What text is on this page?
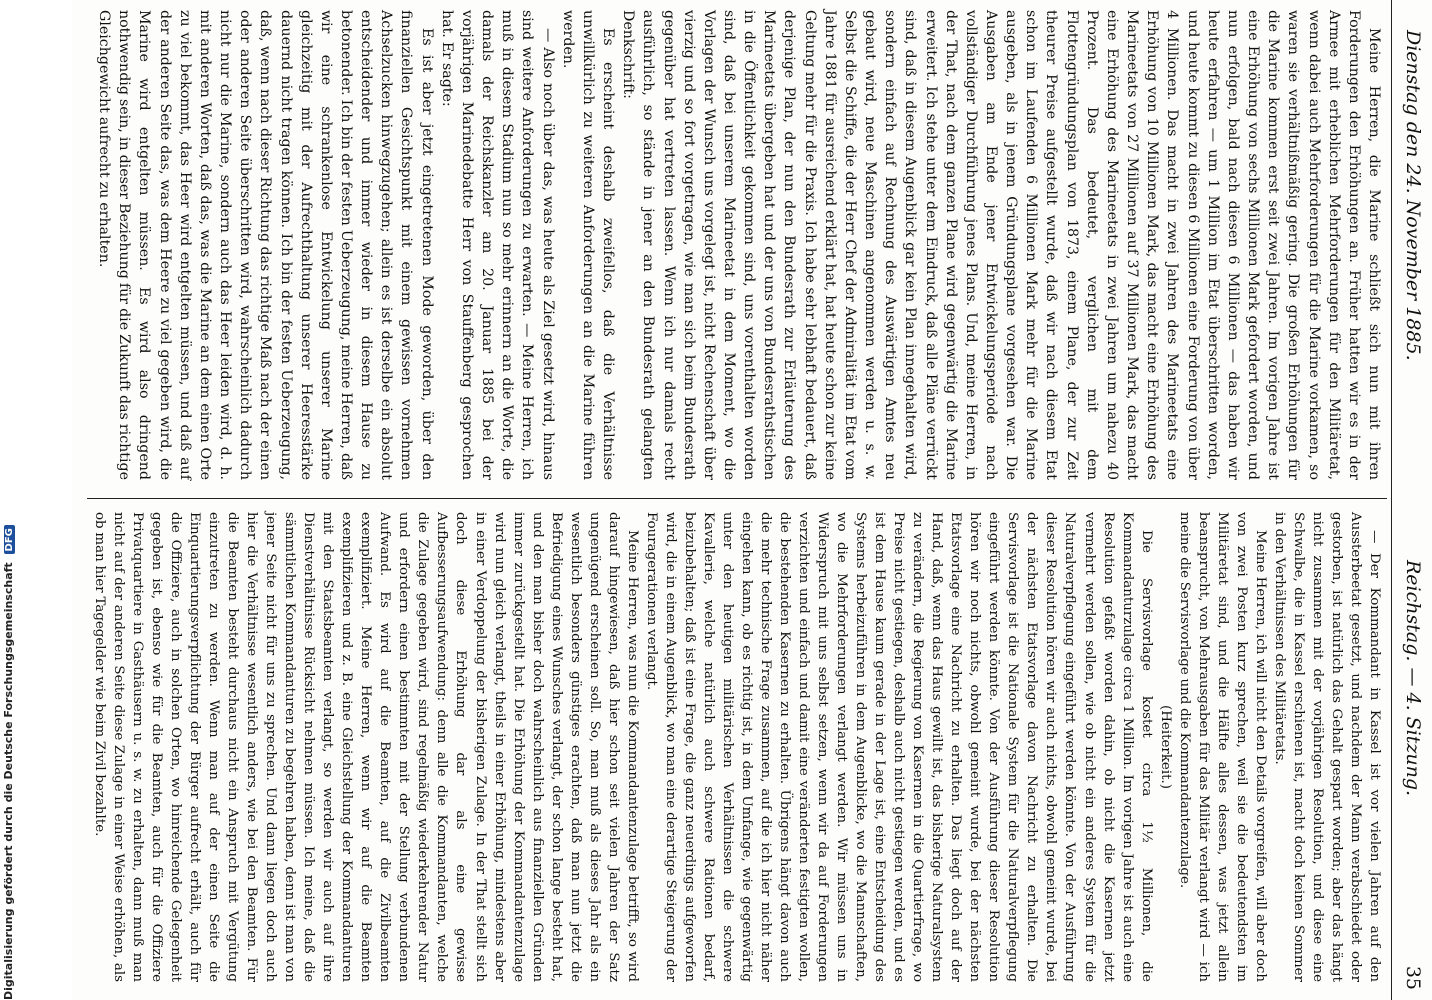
Dienstag den 24. November 1885.
Reichstag. — 4. Sitzung.
35

Meine Herren, die Marine schließt sich nun mit ihren Forderungen den Erhöhungen an. Früher hatten wir es in der Armee mit erheblichen Mehrforderungen für den Militäretat, wenn dabei auch Mehrforderungen für die Marine vorkamen, so waren sie verhältnißmäßig gering. Die großen Erhöhungen für die Marine kommen erst seit zwei Jahren. Im vorigen Jahre ist eine Erhöhung von sechs Millionen Mark gefordert worden, und nun erfolgen, bald nach diesen 6 Millionen — das haben wir heute erfahren — um 1 Million im Etat überschritten worden, und heute kommt zu diesen 6 Millionen eine Forderung von über 4 Millionen. Das macht in zwei Jahren des Marineetats eine Erhöhung von 10 Millionen Mark, das macht eine Erhöhung des Marineetats von 27 Millionen auf 37 Millionen Mark, das macht eine Erhöhung des Marineetats in zwei Jahren um nahezu 40 Prozent. Das bedeutet, verglichen mit dem Flottengründungsplan von 1873, einem Plane, der zur Zeit theurer Preise aufgestellt wurde, daß wir nach diesem Etat schon im Laufenden 6 Millionen Mark mehr für die Marine ausgeben, als in jenem Gründungsplane vorgesehen war. Die Ausgaben am Ende jener Entwickelungsperiode nach vollständiger Durchführung jenes Plans. Und, meine Herren, in der That, nach dem ganzen Plane wird gegenwärtig die Marine erweitert. Ich stehe unter dem Eindruck, daß alle Pläne verrückt sind, daß in diesem Augenblick gar kein Plan innegehalten wird, sondern einfach auf Rechnung des Auswärtigen Amtes neu gebaut wird, neue Maschinen angenommen werden u. s. w. Selbst die Schiffe, die der Herr Chef der Admiralität im Etat vom Jahre 1881 für ausreichend erklärt hat, hat heute schon zur keine Geltung mehr für die Praxis. Ich habe sehr lebhaft bedauert, daß derjenige Plan, der nun den Bundesrath zur Erläuterung des Marineetats übergeben hat und der uns von Bundesrathstischen in die Öffentlichkeit gekommen sind, uns vorenthalten worden sind, daß bei unserem Marineetat in dem Moment, wo die Vorlagen der Wunsch uns vorgelegt ist, nicht Rechenschaft über vierzig und so fort vorgetragen, wie man sich beim Bundesrath gegenüber hat vertreten lassen. Wenn ich nur damals recht ausführlich, so stände in jener an den Bundesrath gelangten Denkschrift:

Es erscheint deshalb zweifellos, daß die Verhältnisse unwillkürlich zu weiteren Anforderungen an die Marine führen werden.

— Also noch über das, was heute als Ziel gesetzt wird, hinaus sind weitere Anforderungen zu erwarten. — Meine Herren, ich muß in diesem Stadium nun so mehr erinnern an die Worte, die damals der Reichskanzler am 20. Januar 1885 bei der vorjährigen Marinedebatte Herr von Stauffenberg gesprochen hat. Er sagte:

Es ist aber jetzt eingetretenen Mode geworden, über den finanziellen Gesichtspunkt mit einem gewissen vornehmen Achselzucken hinwegzugehen; allein es ist derselbe ein absolut entscheidender und immer wieder in diesem Hause zu betonender. Ich bin der festen Ueberzeugung, meine Herren, daß wir eine schrankenlose Entwickelung unserer Marine gleichzeitig mit der Aufrechthaltung unserer Heeresstärke dauernd nicht tragen können. Ich bin der festen Ueberzeugung, daß, wenn nach dieser Richtung das richtige Maß nach der einen oder anderen Seite überschritten wird, wahrscheinlich dadurch nicht nur die Marine, sondern auch das Heer leiden wird, d. h. mit anderen Worten, daß das, was die Marine an dem einen Orte zu viel bekommt, das Heer wird entgelten müssen, und daß auf der anderen Seite das, was dem Heere zu viel gegeben wird, die Marine wird entgelten müssen. Es wird also dringend nothwendig sein, in dieser Beziehung für die Zukunft das richtige Gleichgewicht aufrecht zu erhalten.

— Der Kommandant in Kassel ist vor vielen Jahren auf den Aussterbeetat gesetzt, und nachdem der Mann verabschiedet oder gestorben, ist natürlich das Gehalt gespart worden; aber das hängt nicht zusammen mit der vorjährigen Resolution, und diese eine Schwalbe, die in Kassel erschienen ist, macht doch keinen Sommer in den Verhältnissen des Militäretats.

Meine Herren, ich will nicht den Details vorgreifen, will aber doch von zwei Posten kurz sprechen, weil sie die bedeutendsten im Militäretat sind, und die Hälfte alles dessen, was jetzt allein beansprucht, von Mehrausgaben für das Militär verlangt wird — ich meine die Servisvorlage und die Kommandantenzulage.

(Heiterkeit.)

Die Servisvorlage kostet circa 1½ Millionen, die Kommandanturzulage circa 1 Million. Im vorigen Jahre ist auch eine Resolution gefaßt worden dahin, ob nicht die Kasernen jetzt vermehrt werden sollen, wie ob nicht ein anderes System für die Naturalverpflegung eingeführt werden könnte. Von der Ausführung dieser Resolution hören wir auch nichts, obwohl gemeint wurde, bei der nächsten Etatsvorlage davon Nachricht zu erhalten. Die Servisvorlage ist die Nationale System für die Naturalverpflegung eingeführt werden könnte. Von der Ausführung dieser Resolution hören wir noch nichts, obwohl gemeint wurde, bei der nächsten Etatsvorlage eine Nachricht zu erhalten. Das liegt doch auf der Hand, daß, wenn das Haus gewillt ist, das bisherige Naturalsystem zu verändern, die Regierung von Kasernen in die Quartierfrage, wo Preise nicht gestiegen, deshalb auch nicht gestiegen werden, und es ist dem Hause kaum gerade in der Lage ist, eine Entscheidung des Systems herbeizuführen in dem Augenblicke, wo die Mannschaften, wo die Mehrforderungen verlangt werden. Wir müssen uns in Widerspruch mit uns selbst setzen, wenn wir da auf Forderungen verzichten und einfach und damit eine veränderten festigten wollen, die bestehenden Kasernen zu erhalten. Übrigens hängt davon auch die mehr technische Frage zusammen, auf die ich hier nicht näher eingehen kann, ob es richtig ist, in dem Umfange, wie gegenwärtig unter den heutigen militärischen Verhältnissen die schwere Kavallerie, welche natürlich auch schwere Rationen bedarf, beizubehalten; daß ist eine Frage, die ganz neuerdings aufgeworfen wird, die in einem Augenblick, wo man eine derartige Steigerung der Fouragerationen verlangt.

Meine Herren, was nun die Kommandantenzulage betrifft, so wird darauf hingewiesen, daß hier schon seit vielen Jahren der Satz ungenügend erscheinen soll. So, man muß als dieses Jahr als ein wesentlich besonders günstiges erachten, daß man nun jetzt die Befriedigung eines Wunsches verlangt, der schon lange besteht hat, und den man bisher doch wahrscheinlich aus finanziellen Gründen immer zurückgestellt hat. Die Erhöhung der Kommandantenzulage wird nun gleich verlangt, theils in einer Erhöhung, mindestens aber in einer Verdoppelung der bisherigen Zulage. In der That stellt sich doch diese Erhöhung dar als eine gewisse Aufbesserungsaufwendung: denn alle die Kommandanten, welche die Zulage gegeben wird, sind regelmäßig wiederkehrender Natur und erfordern einen bestimmten mit der Stellung verbundenen Aufwand. Es wird auf die Beamten, auf die Zivilbeamten exemplifiziert. Meine Herren, wenn wir auf die Beamten exemplifizieren und z. B. eine Gleichstellung der Kommandanturen mit den Staatsbeamten verlangt, so werden wir auch auf ihre Dienstverhältnisse Rücksicht nehmen müssen. Ich meine, daß die sämmtlichen Kommandanturen zu begehren haben, denn ist man von jener Seite nicht für uns zu sprechen. Und dann liegen doch auch hier die Verhältnisse wesentlich anders, wie bei den Beamten. Für die Beamten besteht durchaus nicht ein Anspruch mit Vergütung einzutreten zu werden. Wenn man auf der einen Seite die Einquartierungsverpflichtung der Bürger aufrecht erhält, auch für die Offiziere, auch in solchen Orten, wo hinreichende Gelegenheit gegeben ist, ebenso wie für die Beamten, auch für die Offiziere Privatquartiere in Gasthäusern u. s. w. zu erhalten, dann muß man nicht auf der anderen Seite diese Zulage in einer Weise erhöhen, als ob man hier Tagegelder wie beim Zivil bezahlte.

Digitalisierung gefördert durch die Deutsche Forschungsgemeinschaft DFG
